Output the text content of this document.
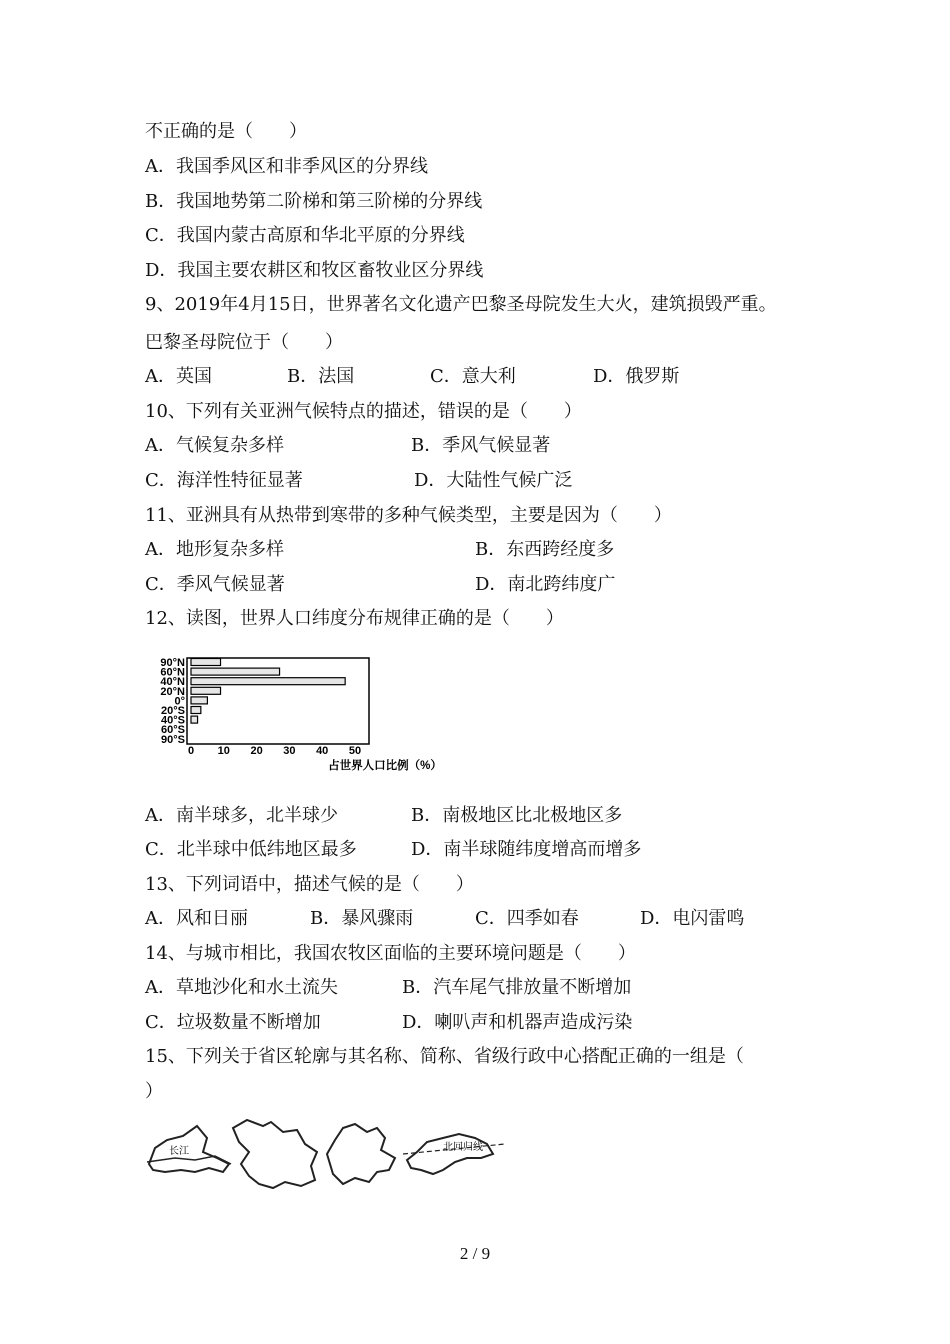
不正确的是（　　）
A．我国季风区和非季风区的分界线
B．我国地势第二阶梯和第三阶梯的分界线
C．我国内蒙古高原和华北平原的分界线
D．我国主要农耕区和牧区畜牧业区分界线
9、2019年4月15日，世界著名文化遗产巴黎圣母院发生大火，建筑损毁严重。
巴黎圣母院位于（　　）
A．英国	B．法国	C．意大利	D．俄罗斯
10、下列有关亚洲气候特点的描述，错误的是（　　）
A．气候复杂多样	B．季风气候显著
C．海洋性特征显著	D．大陆性气候广泛
11、亚洲具有从热带到寒带的多种气候类型，主要是因为（　　）
A．地形复杂多样	B．东西跨经度多
C．季风气候显著	D．南北跨纬度广
12、读图，世界人口纬度分布规律正确的是（　　）
90°N
60°N
40°N
20°N
0°
20°S
40°S
60°S
90°S
0 10 20 30 40 50
占世界人口比例（%）
A．南半球多，北半球少	B．南极地区比北极地区多
C．北半球中低纬地区最多	D．南半球随纬度增高而增多
13、下列词语中，描述气候的是（　　）
A．风和日丽	B．暴风骤雨	C．四季如春	D．电闪雷鸣
14、与城市相比，我国农牧区面临的主要环境问题是（　　）
A．草地沙化和水土流失	B．汽车尾气排放量不断增加
C．垃圾数量不断增加	D．喇叭声和机器声造成污染
15、下列关于省区轮廓与其名称、简称、省级行政中心搭配正确的一组是（
）
长江	北回归线
2 / 9
